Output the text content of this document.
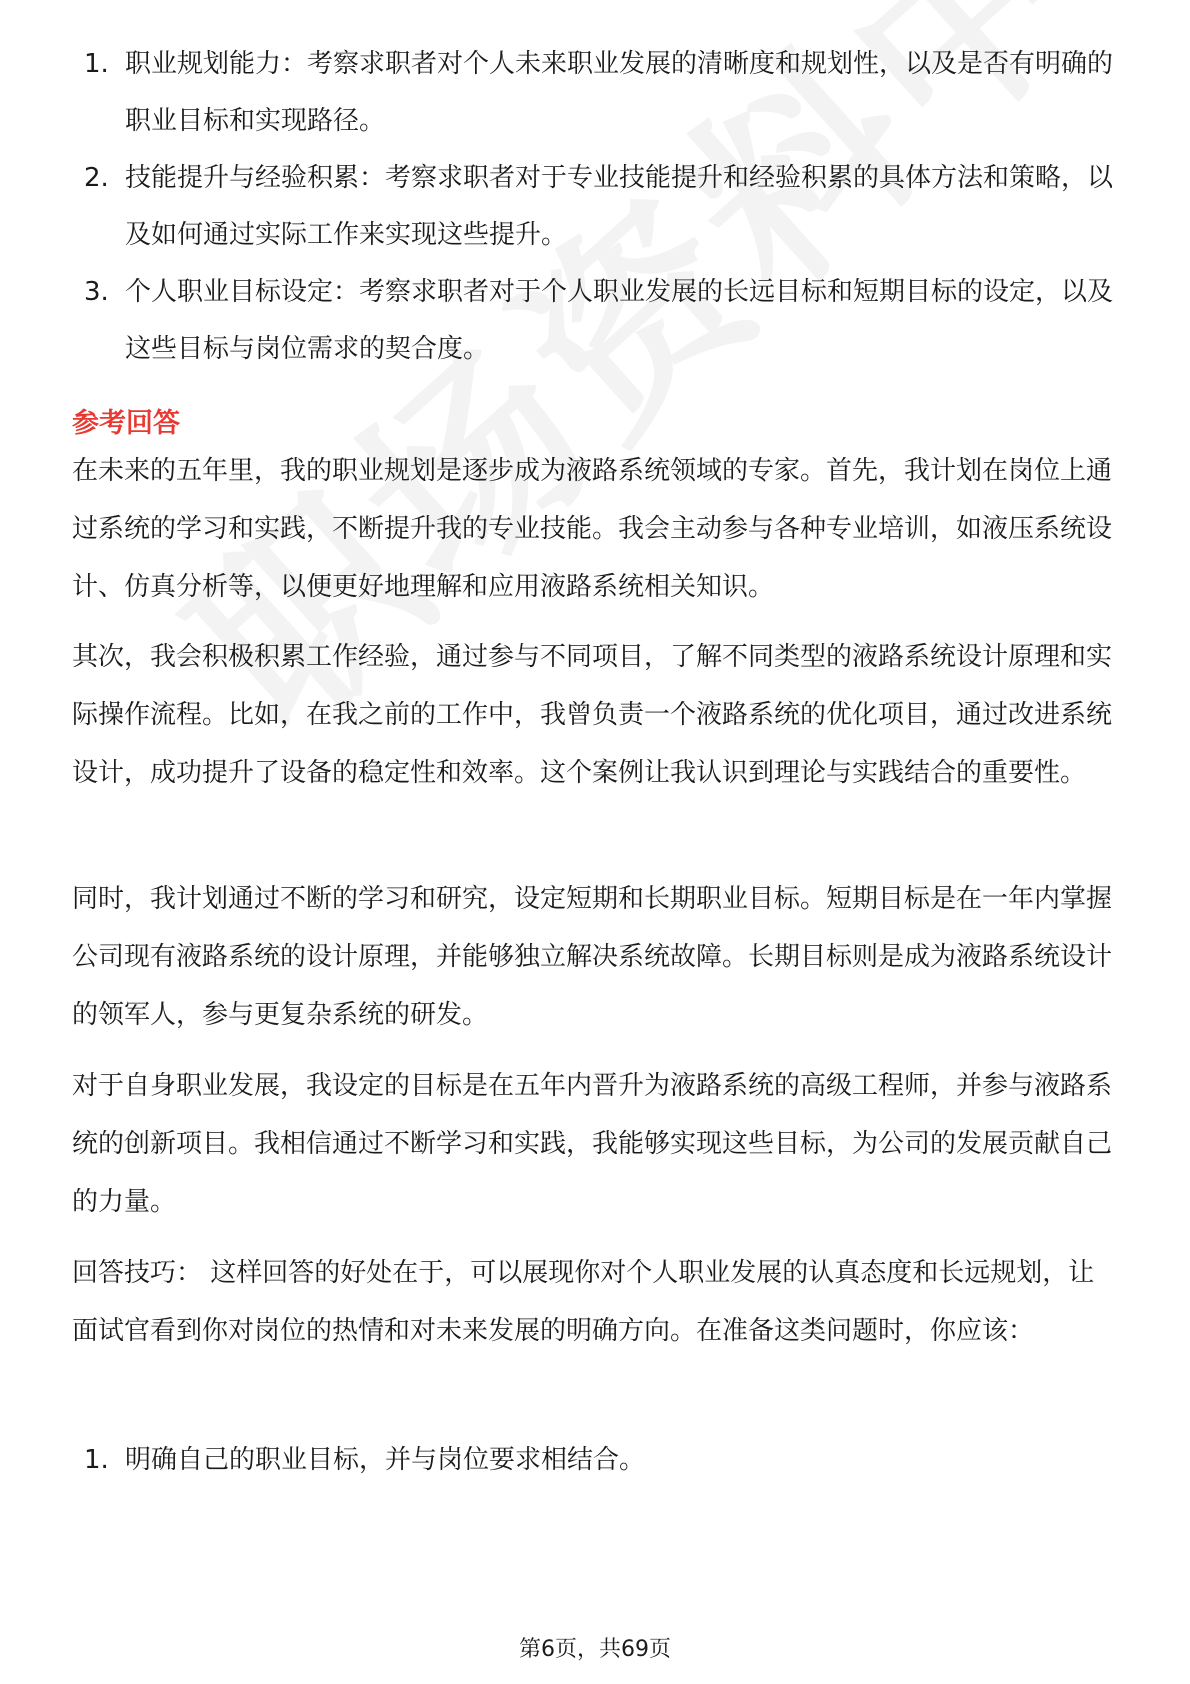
1. 职业规划能力：考察求职者对个人未来职业发展的清晰度和规划性，以及是否有明确的职业目标和实现路径。
2. 技能提升与经验积累：考察求职者对于专业技能提升和经验积累的具体方法和策略，以及如何通过实际工作来实现这些提升。
3. 个人职业目标设定：考察求职者对于个人职业发展的长远目标和短期目标的设定，以及这些目标与岗位需求的契合度。
参考回答
在未来的五年里，我的职业规划是逐步成为液路系统领域的专家。首先，我计划在岗位上通过系统的学习和实践，不断提升我的专业技能。我会主动参与各种专业培训，如液压系统设计、仿真分析等，以便更好地理解和应用液路系统相关知识。
其次，我会积极积累工作经验，通过参与不同项目，了解不同类型的液路系统设计原理和实际操作流程。比如，在我之前的工作中，我曾负责一个液路系统的优化项目，通过改进系统设计，成功提升了设备的稳定性和效率。这个案例让我认识到理论与实践结合的重要性。
同时，我计划通过不断的学习和研究，设定短期和长期职业目标。短期目标是在一年内掌握公司现有液路系统的设计原理，并能够独立解决系统故障。长期目标则是成为液路系统设计的领军人，参与更复杂系统的研发。
对于自身职业发展，我设定的目标是在五年内晋升为液路系统的高级工程师，并参与液路系统的创新项目。我相信通过不断学习和实践，我能够实现这些目标，为公司的发展贡献自己的力量。
回答技巧： 这样回答的好处在于，可以展现你对个人职业发展的认真态度和长远规划，让面试官看到你对岗位的热情和对未来发展的明确方向。在准备这类问题时，你应该：
1. 明确自己的职业目标，并与岗位要求相结合。
第6页，共69页
